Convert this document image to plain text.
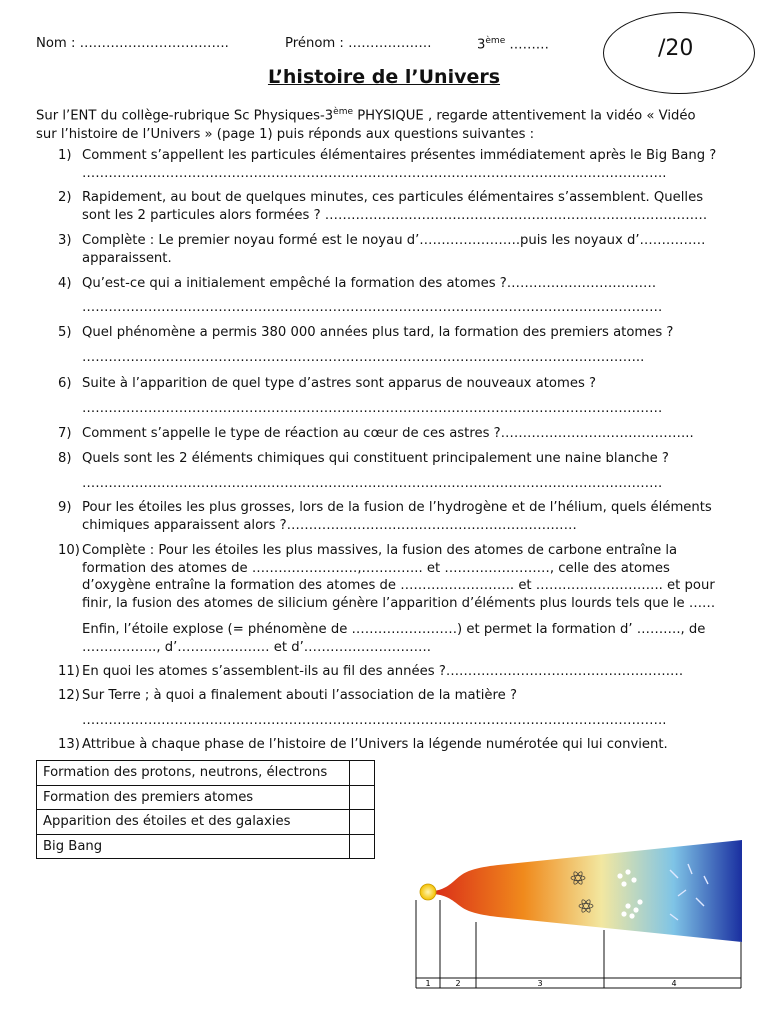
Nom : …………………………….	Prénom : ……………….	3ème ………	/20
L’histoire de l’Univers
Sur l’ENT du collège-rubrique Sc Physiques-3ème PHYSIQUE , regarde attentivement la vidéo « Vidéo
sur l’histoire de l’Univers » (page 1) puis réponds aux questions suivantes :
1) Comment s’appellent les particules élémentaires présentes immédiatement après le Big Bang ?
…………………………………………………………………………………………………………………….
2) Rapidement, au bout de quelques minutes, ces particules élémentaires s’assemblent. Quelles
sont les 2 particules alors formées ? ……………………………………………………………………………
3) Complète : Le premier noyau formé est le noyau d’…………………..puis les noyaux d’……………
apparaissent.
4) Qu’est-ce qui a initialement empêché la formation des atomes ?…………………………….
……………………………………………………………………………………………………………………
5) Quel phénomène a permis 380 000 années plus tard, la formation des premiers atomes ?
………………………………………………………………………………………………………………..
6) Suite à l’apparition de quel type d’astres sont apparus de nouveaux atomes ?
……………………………………………………………………………………………………………………
7) Comment s’appelle le type de réaction au cœur de ces astres ?……………………………………..
8) Quels sont les 2 éléments chimiques qui constituent principalement une naine blanche ?
……………………………………………………………………………………………………………………
9) Pour les étoiles les plus grosses, lors de la fusion de l’hydrogène et de l’hélium, quels éléments
chimiques apparaissent alors ?…………………………………………………………
10) Complète : Pour les étoiles les plus massives, la fusion des atomes de carbone entraîne la
formation des atomes de ……………………,………….. et ……………………, celle des atomes
d’oxygène entraîne la formation des atomes de …………………….. et ……………………….. et pour
finir, la fusion des atomes de silicium génère l’apparition d’éléments plus lourds tels que le ……
Enfin, l’étoile explose (= phénomène de ……………………) et permet la formation d’ ………., de
…………….., d’………………… et d’………………………..
11) En quoi les atomes s’assemblent-ils au fil des années ?………………………………………………
12) Sur Terre ; à quoi a finalement abouti l’association de la matière ?
…………………………………………………………………………………………………………………….
13) Attribue à chaque phase de l’histoire de l’Univers la légende numérotée qui lui convient.
Formation des protons, neutrons, électrons	
Formation des premiers atomes	
Apparition des étoiles et des galaxies	
Big Bang	
1	2	3	4
